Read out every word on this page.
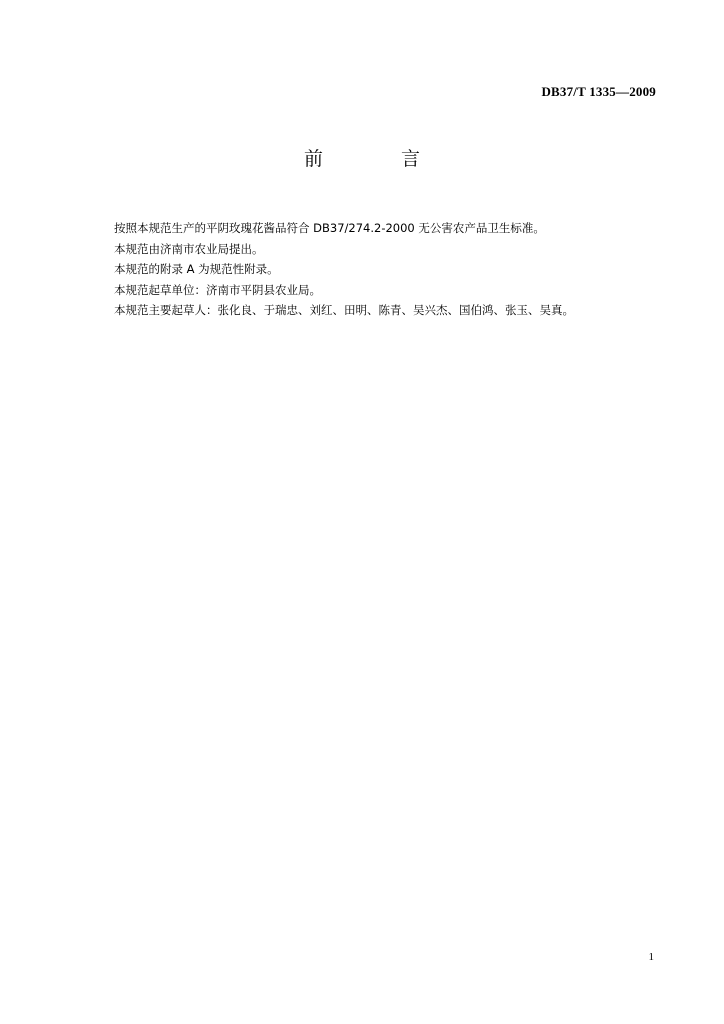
DB37/T 1335—2009
前 言

按照本规范生产的平阴玫瑰花酱品符合 DB37/274.2-2000 无公害农产品卫生标准。

本规范由济南市农业局提出。

本规范的附录 A 为规范性附录。

本规范起草单位：济南市平阴县农业局。

本规范主要起草人：张化良、于瑞忠、刘红、田明、陈青、吴兴杰、国伯鸿、张玉、吴真。

1
